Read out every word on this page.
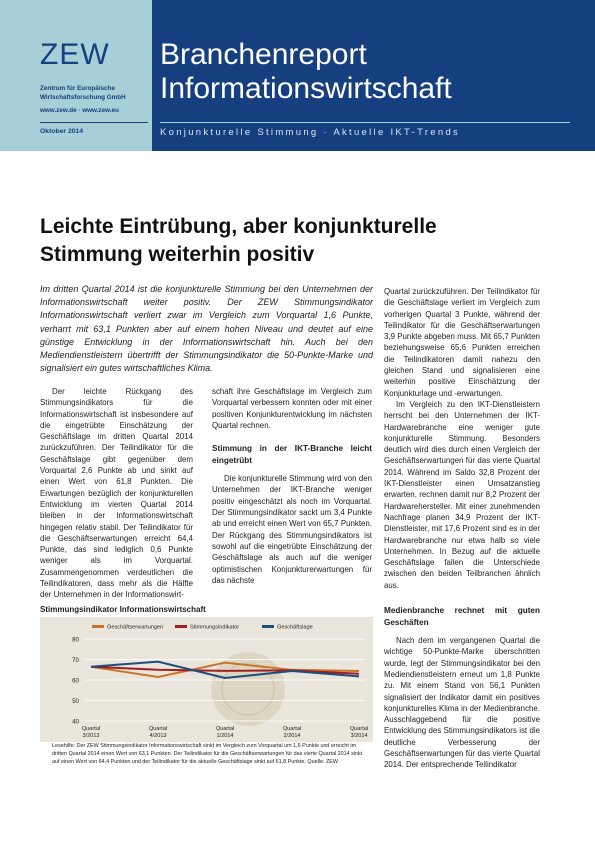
ZEW
Zentrum für Europäische Wirtschaftsforschung GmbH
www.zew.de · www.zew.eu
Oktober 2014
Branchenreport
Informationswirtschaft
Konjunkturelle Stimmung · Aktuelle IKT-Trends
Leichte Eintrübung, aber konjunkturelle
Stimmung weiterhin positiv

Im dritten Quartal 2014 ist die konjunkturelle Stimmung bei den Unternehmen der Informationswirtschaft weiter positiv. Der ZEW Stimmungsindikator Informationswirtschaft verliert zwar im Vergleich zum Vorquartal 1,6 Punkte, verharrt mit 63,1 Punkten aber auf einem hohen Niveau und deutet auf eine günstige Entwicklung in der Informationswirtschaft hin. Auch bei den Mediendienstleistern übertrifft der Stimmungsindikator die 50-Punkte-Marke und signalisiert ein gutes wirtschaftliches Klima.

Der leichte Rückgang des Stimmungsindikators für die Informationswirtschaft ist insbesondere auf die eingetrübte Einschätzung der Geschäftslage im dritten Quartal 2014 zurückzuführen. Der Teilindikator für die Geschäftslage gibt gegenüber dem Vorquartal 2,6 Punkte ab und sinkt auf einen Wert von 61,8 Punkten. Die Erwartungen bezüglich der konjunkturellen Entwicklung im vierten Quartal 2014 bleiben in der Informationswirtschaft hingegen relativ stabil. Der Teilindikator für die Geschäftserwartungen erreicht 64,4 Punkte, das sind lediglich 0,6 Punkte weniger als im Vorquartal. Zusammengenommen verdeutlichen die Teilindikatoren, dass mehr als die Hälfte der Unternehmen in der Informationswirt-

schaft ihre Geschäftslage im Vergleich zum Vorquartal verbessern konnten oder mit einer positiven Konjunkturentwicklung im nächsten Quartal rechnen.

Stimmung in der IKT-Branche leicht eingetrübt

Die konjunkturelle Stimmung wird von den Unternehmen der IKT-Branche weniger positiv eingeschätzt als noch im Vorquartal. Der Stimmungsindikator sackt um 3,4 Punkte ab und erreicht einen Wert von 65,7 Punkten. Der Rückgang des Stimmungsindikators ist sowohl auf die eingetrübte Einschätzung der Geschäftslage als auch auf die weniger optimistischen Konjunkturerwartungen für das nächste

Quartal zurückzuführen. Der Teilindikator für die Geschäftslage verliert im Vergleich zum vorherigen Quartal 3 Punkte, während der Teilindikator für die Geschäftserwartungen 3,9 Punkte abgeben muss. Mit 65,7 Punkten beziehungsweise 65,6 Punkten erreichen die Teilindikatoren damit nahezu den gleichen Stand und signalisieren eine weiterhin positive Einschätzung der Konjunkturlage und -erwartungen.

Im Vergleich zu den IKT-Dienstleistern herrscht bei den Unternehmen der IKT-Hardwarebranche eine weniger gute konjunkturelle Stimmung. Besonders deutlich wird dies durch einen Vergleich der Geschäftserwartungen für das vierte Quartal 2014. Während im Saldo 32,8 Prozent der IKT-Dienstleister einen Umsatzanstieg erwarten, rechnen damit nur 8,2 Prozent der Hardwarehersteller. Mit einer zunehmenden Nachfrage planen 34,9 Prozent der IKT-Dienstleister, mit 17,6 Prozent sind es in der Hardwarebranche nur etwa halb so viele Unternehmen. In Bezug auf die aktuelle Geschäftslage fallen die Unterschiede zwischen den beiden Teilbranchen ähnlich aus.

Medienbranche rechnet mit guten Geschäften

Nach dem im vergangenen Quartal die wichtige 50-Punkte-Marke überschritten wurde, legt der Stimmungsindikator bei den Mediendienstleistern erneut um 1,8 Punkte zu. Mit einem Stand von 56,1 Punkten signalisiert der Indikator damit ein positives konjunkturelles Klima in der Medienbranche. Ausschlaggebend für die positive Entwicklung des Stimmungsindikators ist die deutliche Verbesserung der Geschäftserwartungen für das vierte Quartal 2014. Der entsprechende Teilindikator

Stimmungsindikator Informationswirtschaft
40
50
60
70
80
Quartal
3/2013
Quartal
4/2013
Quartal
1/2014
Quartal
2/2014
Quartal
3/2014
Geschäftserwartungen	Stimmungsindikator	Geschäftslage
Lesehilfe: Der ZEW Stimmungsindikator Informationswirtschaft sinkt im Vergleich zum Vorquartal um 1,6 Punkte und erreicht im dritten Quartal 2014 einen Wert von 63,1 Punkten. Der Teilindikator für die Geschäftserwartungen für das vierte Quartal 2014 sinkt auf einen Wert von 64,4 Punkten und der Teilindikator für die aktuelle Geschäftslage sinkt auf 61,8 Punkte. Quelle: ZEW
